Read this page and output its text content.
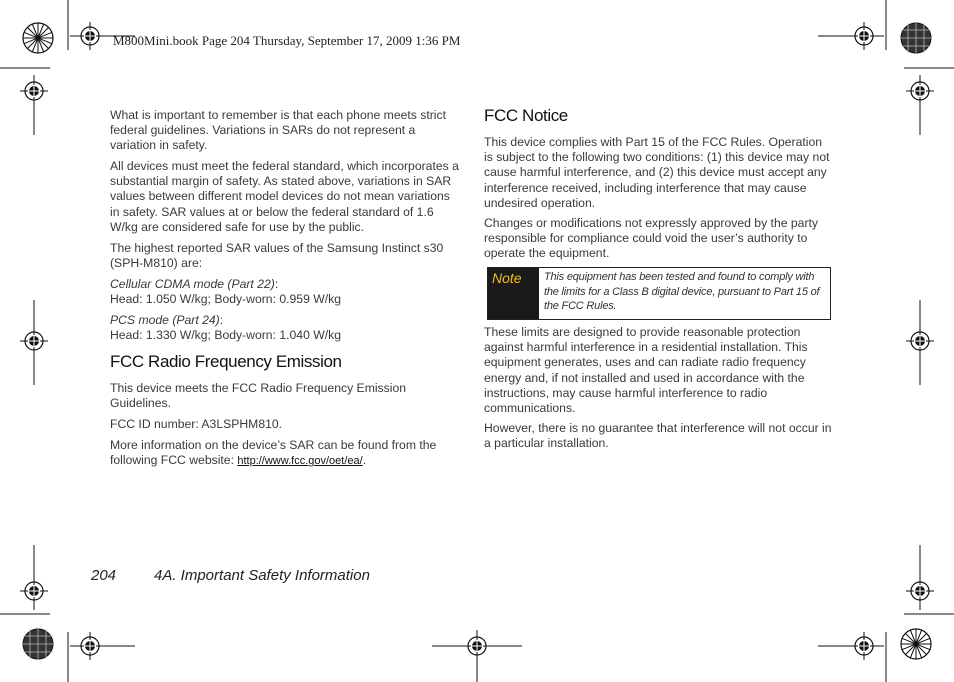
M800Mini.book Page 204 Thursday, September 17, 2009 1:36 PM

What is important to remember is that each phone meets strict federal guidelines. Variations in SARs do not represent a variation in safety.

All devices must meet the federal standard, which incorporates a substantial margin of safety. As stated above, variations in SAR values between different model devices do not mean variations in safety. SAR values at or below the federal standard of 1.6 W/kg are considered safe for use by the public.

The highest reported SAR values of the Samsung Instinct s30 (SPH-M810) are:

Cellular CDMA mode (Part 22):
Head: 1.050 W/kg; Body-worn: 0.959 W/kg

PCS mode (Part 24):
Head: 1.330 W/kg; Body-worn: 1.040 W/kg

FCC Radio Frequency Emission

This device meets the FCC Radio Frequency Emission Guidelines.

FCC ID number: A3LSPHM810.

More information on the device’s SAR can be found from the following FCC website: http://www.fcc.gov/oet/ea/.

FCC Notice

This device complies with Part 15 of the FCC Rules. Operation is subject to the following two conditions: (1) this device may not cause harmful interference, and (2) this device must accept any interference received, including interference that may cause undesired operation.

Changes or modifications not expressly approved by the party responsible for compliance could void the user’s authority to operate the equipment.

Note	This equipment has been tested and found to comply with the limits for a Class B digital device, pursuant to Part 15 of the FCC Rules.

These limits are designed to provide reasonable protection against harmful interference in a residential installation. This equipment generates, uses and can radiate radio frequency energy and, if not installed and used in accordance with the instructions, may cause harmful interference to radio communications.

However, there is no guarantee that interference will not occur in a particular installation.

204	4A. Important Safety Information
